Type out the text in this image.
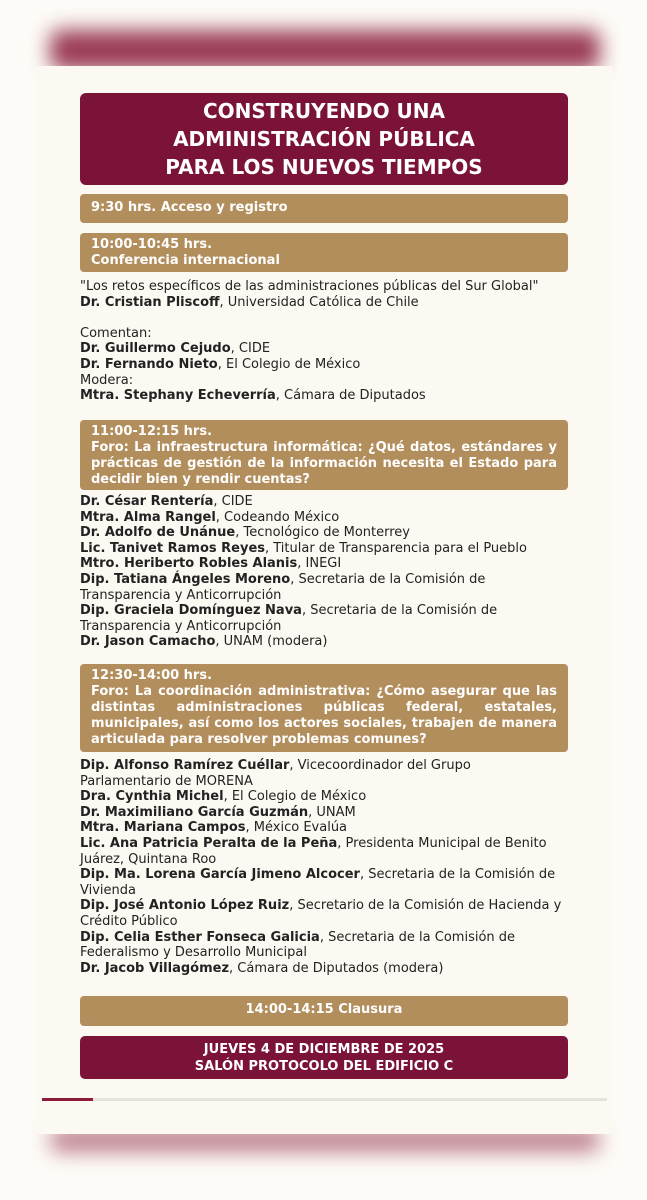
CONSTRUYENDO UNA
ADMINISTRACIÓN PÚBLICA
PARA LOS NUEVOS TIEMPOS
9:30 hrs. Acceso y registro
10:00-10:45 hrs.
Conferencia internacional
"Los retos específicos de las administraciones públicas del Sur Global"
Dr. Cristian Pliscoff, Universidad Católica de Chile
Comentan:
Dr. Guillermo Cejudo, CIDE
Dr. Fernando Nieto, El Colegio de México
Modera:
Mtra. Stephany Echeverría, Cámara de Diputados
11:00-12:15 hrs.
Foro: La infraestructura informática: ¿Qué datos, estándares y prácticas de gestión de la información necesita el Estado para decidir bien y rendir cuentas?
Dr. César Rentería, CIDE
Mtra. Alma Rangel, Codeando México
Dr. Adolfo de Unánue, Tecnológico de Monterrey
Lic. Tanivet Ramos Reyes, Titular de Transparencia para el Pueblo
Mtro. Heriberto Robles Alanis, INEGI
Dip. Tatiana Ángeles Moreno, Secretaria de la Comisión de
Transparencia y Anticorrupción
Dip. Graciela Domínguez Nava, Secretaria de la Comisión de
Transparencia y Anticorrupción
Dr. Jason Camacho, UNAM (modera)
12:30-14:00 hrs.
Foro: La coordinación administrativa: ¿Cómo asegurar que las distintas administraciones públicas federal, estatales, municipales, así como los actores sociales, trabajen de manera articulada para resolver problemas comunes?
Dip. Alfonso Ramírez Cuéllar, Vicecoordinador del Grupo
Parlamentario de MORENA
Dra. Cynthia Michel, El Colegio de México
Dr. Maximiliano García Guzmán, UNAM
Mtra. Mariana Campos, México Evalúa
Lic. Ana Patricia Peralta de la Peña, Presidenta Municipal de Benito
Juárez, Quintana Roo
Dip. Ma. Lorena García Jimeno Alcocer, Secretaria de la Comisión de
Vivienda
Dip. José Antonio López Ruiz, Secretario de la Comisión de Hacienda y
Crédito Público
Dip. Celia Esther Fonseca Galicia, Secretaria de la Comisión de
Federalismo y Desarrollo Municipal
Dr. Jacob Villagómez, Cámara de Diputados (modera)
14:00-14:15 Clausura
JUEVES 4 DE DICIEMBRE DE 2025
SALÓN PROTOCOLO DEL EDIFICIO C
